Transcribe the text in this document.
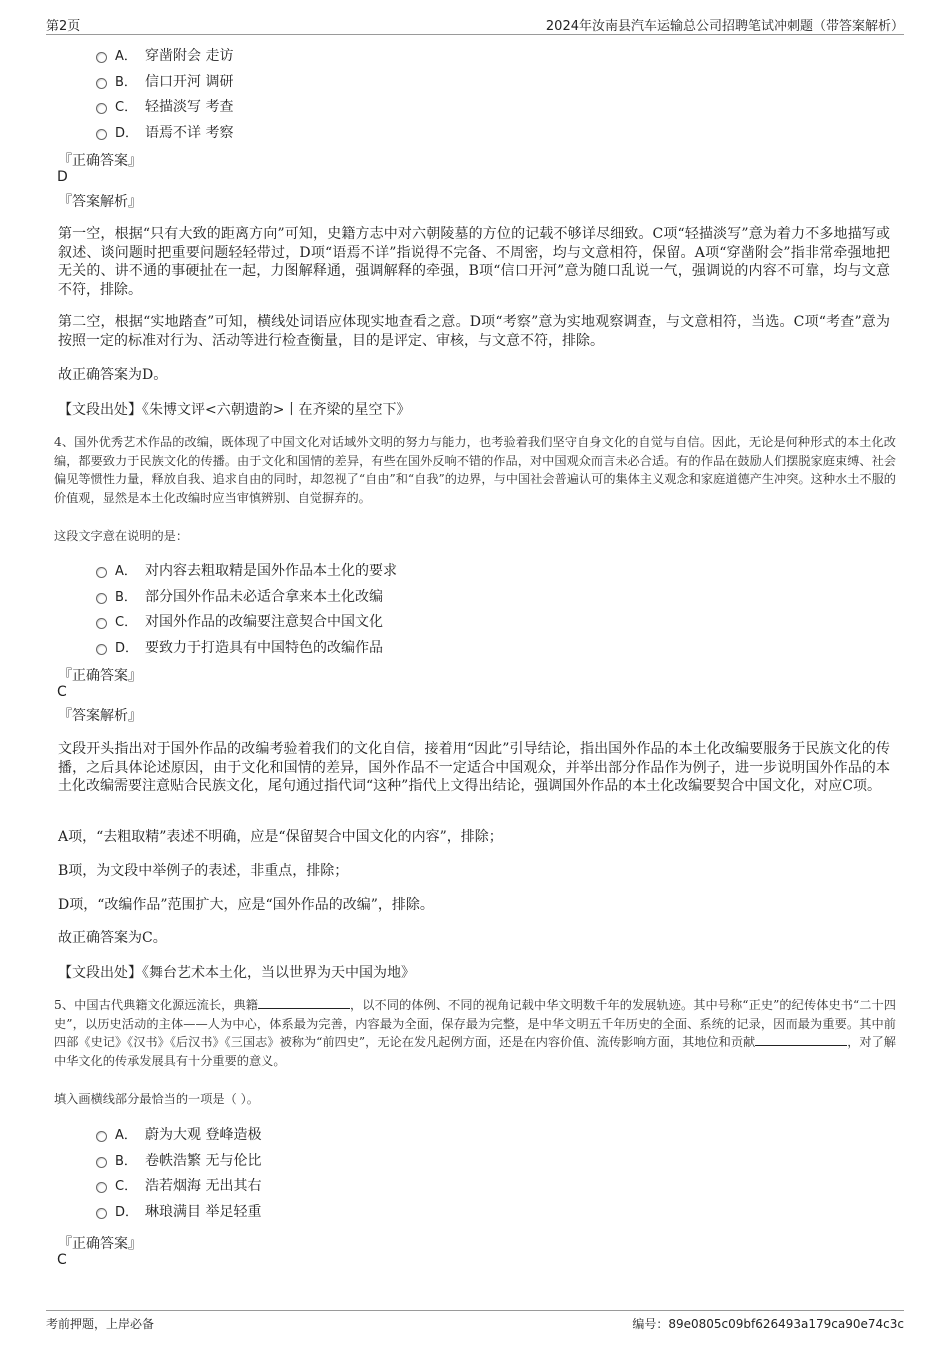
第2页	2024年汝南县汽车运输总公司招聘笔试冲刺题（带答案解析）
A． 穿凿附会 走访
B． 信口开河 调研
C． 轻描淡写 考查
D． 语焉不详 考察
『正确答案』
D
『答案解析』

第一空，根据“只有大致的距离方向”可知，史籍方志中对六朝陵墓的方位的记载不够详尽细致。C项“轻描淡写”意为着力不多地描写或叙述、谈问题时把重要问题轻轻带过，D项“语焉不详”指说得不完备、不周密，均与文意相符，保留。A项“穿凿附会”指非常牵强地把无关的、讲不通的事硬扯在一起，力图解释通，强调解释的牵强，B项“信口开河”意为随口乱说一气，强调说的内容不可靠，均与文意不符，排除。

第二空，根据“实地踏查”可知，横线处词语应体现实地查看之意。D项“考察”意为实地观察调查，与文意相符，当选。C项“考查”意为按照一定的标准对行为、活动等进行检查衡量，目的是评定、审核，与文意不符，排除。

故正确答案为D。

【文段出处】《朱博文评<六朝遗韵>丨在齐梁的星空下》

4、国外优秀艺术作品的改编，既体现了中国文化对话域外文明的努力与能力，也考验着我们坚守自身文化的自觉与自信。因此，无论是何种形式的本土化改编，都要致力于民族文化的传播。由于文化和国情的差异，有些在国外反响不错的作品，对中国观众而言未必合适。有的作品在鼓励人们摆脱家庭束缚、社会偏见等惯性力量，释放自我、追求自由的同时，却忽视了“自由”和“自我”的边界，与中国社会普遍认可的集体主义观念和家庭道德产生冲突。这种水土不服的价值观，显然是本土化改编时应当审慎辨别、自觉摒弃的。

这段文字意在说明的是：
A． 对内容去粗取精是国外作品本土化的要求
B． 部分国外作品未必适合拿来本土化改编
C． 对国外作品的改编要注意契合中国文化
D． 要致力于打造具有中国特色的改编作品
『正确答案』
C
『答案解析』

文段开头指出对于国外作品的改编考验着我们的文化自信，接着用“因此”引导结论，指出国外作品的本土化改编要服务于民族文化的传播，之后具体论述原因，由于文化和国情的差异，国外作品不一定适合中国观众，并举出部分作品作为例子，进一步说明国外作品的本土化改编需要注意贴合民族文化，尾句通过指代词“这种”指代上文得出结论，强调国外作品的本土化改编要契合中国文化，对应C项。

A项，“去粗取精”表述不明确，应是“保留契合中国文化的内容”，排除；

B项，为文段中举例子的表述，非重点，排除；

D项，“改编作品”范围扩大，应是“国外作品的改编”，排除。

故正确答案为C。

【文段出处】《舞台艺术本土化，当以世界为天中国为地》

5、中国古代典籍文化源远流长，典籍	，以不同的体例、不同的视角记载中华文明数千年的发展轨迹。其中号称“正史”的纪传体史书“二十四史”，以历史活动的主体——人为中心，体系最为完善，内容最为全面，保存最为完整，是中华文明五千年历史的全面、系统的记录，因而最为重要。其中前四部《史记》《汉书》《后汉书》《三国志》被称为“前四史”，无论在发凡起例方面，还是在内容价值、流传影响方面，其地位和贡献	，对了解中华文化的传承发展具有十分重要的意义。

填入画横线部分最恰当的一项是（ ）。
A． 蔚为大观 登峰造极
B． 卷帙浩繁 无与伦比
C． 浩若烟海 无出其右
D． 琳琅满目 举足轻重
『正确答案』
C
考前押题，上岸必备	编号：89e0805c09bf626493a179ca90e74c3c
